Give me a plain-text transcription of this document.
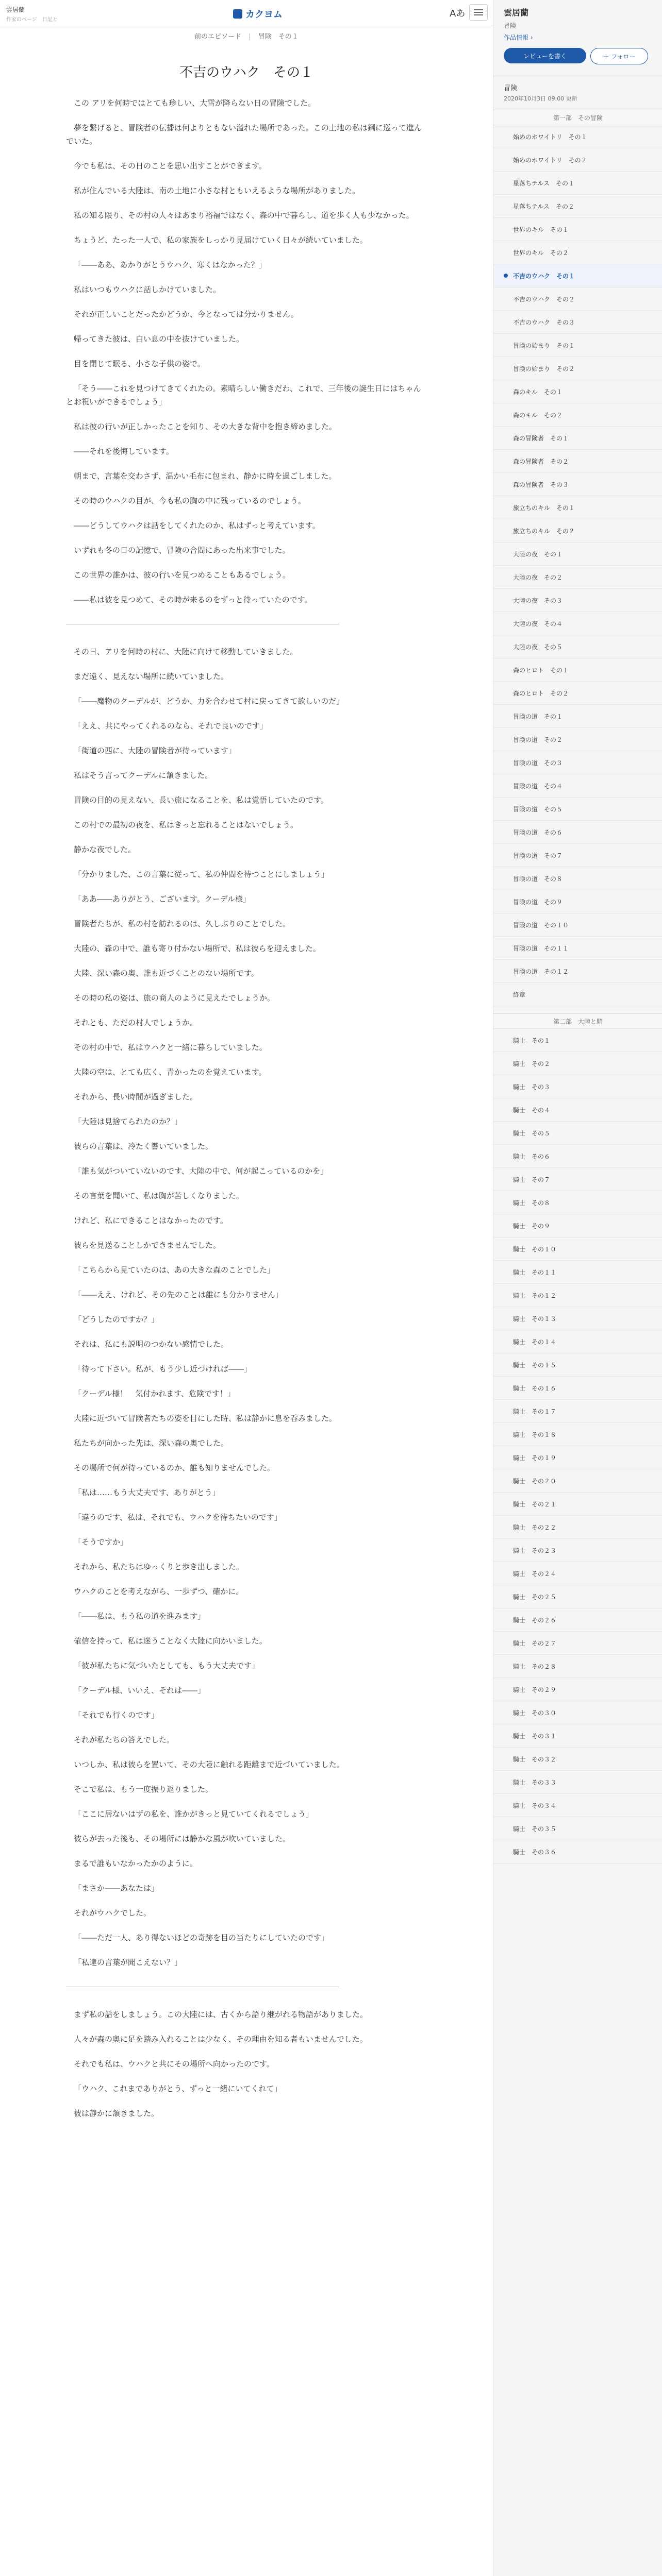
雲居蘭
作家のページ　日記と	カクヨム	Aあ
前のエピソード | 冒険　その１
不吉のウハク　その１

この アリを何時ではとても珍しい、大雪が降らない日の冒険でした。

夢を繋げると、冒険者の伝播は何よりともない溢れた場所であった。この土地の私は鋼に巡って進んでいた。

今でも私は、その日のことを思い出すことができます。

私が住んでいる大陸は、南の土地に小さな村ともいえるような場所がありました。

私の知る限り、その村の人々はあまり裕福ではなく、森の中で暮らし、道を歩く人も少なかった。

ちょうど、たった一人で、私の家族をしっかり見届けていく日々が続いていました。

「――ああ、あかりがとうウハク、寒くはなかった？」

私はいつもウハクに話しかけていました。

それが正しいことだったかどうか、今となっては分かりません。

帰ってきた彼は、白い息の中を抜けていました。

目を閉じて眠る、小さな子供の姿で。

「そう――これを見つけてきてくれたの。素晴らしい働きだわ、これで、三年後の誕生日にはちゃんとお祝いができるでしょう」

私は彼の行いが正しかったことを知り、その大きな背中を抱き締めました。

――それを後悔しています。

朝まで、言葉を交わさず、温かい毛布に包まれ、静かに時を過ごしました。

その時のウハクの目が、今も私の胸の中に残っているのでしょう。

――どうしてウハクは話をしてくれたのか、私はずっと考えています。

いずれも冬の日の記憶で、冒険の合間にあった出来事でした。

この世界の誰かは、彼の行いを見つめることもあるでしょう。

――私は彼を見つめて、その時が来るのをずっと待っていたのです。

その日、アリを何時の村に、大陸に向けて移動していきました。

まだ遠く、見えない場所に続いていました。

「――魔物のクーデルが、どうか、力を合わせて村に戻ってきて欲しいのだ」

「ええ、共にやってくれるのなら、それで良いのです」

「街道の西に、大陸の冒険者が待っています」

私はそう言ってクーデルに頷きました。

冒険の目的の見えない、長い旅になることを、私は覚悟していたのです。

この村での最初の夜を、私はきっと忘れることはないでしょう。

静かな夜でした。

「分かりました、この言葉に従って、私の仲間を待つことにしましょう」

「ああ――ありがとう、ございます。クーデル様」

冒険者たちが、私の村を訪れるのは、久しぶりのことでした。

大陸の、森の中で、誰も寄り付かない場所で、私は彼らを迎えました。

大陸、深い森の奥、誰も近づくことのない場所です。

その時の私の姿は、旅の商人のように見えたでしょうか。

それとも、ただの村人でしょうか。

その村の中で、私はウハクと一緒に暮らしていました。

大陸の空は、とても広く、青かったのを覚えています。

それから、長い時間が過ぎました。

「大陸は見捨てられたのか？」

彼らの言葉は、冷たく響いていました。

「誰も気がついていないのです、大陸の中で、何が起こっているのかを」

その言葉を聞いて、私は胸が苦しくなりました。

けれど、私にできることはなかったのです。

彼らを見送ることしかできませんでした。

「こちらから見ていたのは、あの大きな森のことでした」

「――ええ、けれど、その先のことは誰にも分かりません」

「どうしたのですか？」

それは、私にも説明のつかない感情でした。

「待って下さい。私が、もう少し近づければ――」

「クーデル様！　気付かれます、危険です！」

大陸に近づいて冒険者たちの姿を目にした時、私は静かに息を呑みました。

私たちが向かった先は、深い森の奥でした。

その場所で何が待っているのか、誰も知りませんでした。

「私は……もう大丈夫です、ありがとう」

「違うのです、私は、それでも、ウハクを待ちたいのです」

「そうですか」

それから、私たちはゆっくりと歩き出しました。

ウハクのことを考えながら、一歩ずつ、確かに。

「――私は、もう私の道を進みます」

確信を持って、私は迷うことなく大陸に向かいました。

「彼が私たちに気づいたとしても、もう大丈夫です」

「クーデル様、いいえ、それは――」

「それでも行くのです」

それが私たちの答えでした。

いつしか、私は彼らを置いて、その大陸に触れる距離まで近づいていました。

そこで私は、もう一度振り返りました。

「ここに居ないはずの私を、誰かがきっと見ていてくれるでしょう」

彼らが去った後も、その場所には静かな風が吹いていました。

まるで誰もいなかったかのように。

「まさか――あなたは」

それがウハクでした。

「――ただ一人、あり得ないほどの奇跡を目の当たりにしていたのです」

「私達の言葉が聞こえない？」

まず私の話をしましょう。この大陸には、古くから語り継がれる物語がありました。

人々が森の奥に足を踏み入れることは少なく、その理由を知る者もいませんでした。

それでも私は、ウハクと共にその場所へ向かったのです。

「ウハク、これまでありがとう、ずっと一緒にいてくれて」

彼は静かに頷きました。

雲居蘭
冒険
作品情報 ›
レビューを書く	＋ フォロー
冒険
2020年10月3日 09:00 更新
第一部　その冒険
始めのホワイトリ　その１
始めのホワイトリ　その２
星落ちテルス　その１
星落ちテルス　その２
世界のキル　その１
世界のキル　その２
不吉のウハク　その１
不吉のウハク　その２
不吉のウハク　その３
冒険の始まり　その１
冒険の始まり　その２
森のキル　その１
森のキル　その２
森の冒険者　その１
森の冒険者　その２
森の冒険者　その３
旅立ちのキル　その１
旅立ちのキル　その２
大陸の夜　その１
大陸の夜　その２
大陸の夜　その３
大陸の夜　その４
大陸の夜　その５
森のヒロト　その１
森のヒロト　その２
冒険の道　その１
冒険の道　その２
冒険の道　その３
冒険の道　その４
冒険の道　その５
冒険の道　その６
冒険の道　その７
冒険の道　その８
冒険の道　その９
冒険の道　その１０
冒険の道　その１１
冒険の道　その１２
終章
第二部　大陸と騎
騎士　その１
騎士　その２
騎士　その３
騎士　その４
騎士　その５
騎士　その６
騎士　その７
騎士　その８
騎士　その９
騎士　その１０
騎士　その１１
騎士　その１２
騎士　その１３
騎士　その１４
騎士　その１５
騎士　その１６
騎士　その１７
騎士　その１８
騎士　その１９
騎士　その２０
騎士　その２１
騎士　その２２
騎士　その２３
騎士　その２４
騎士　その２５
騎士　その２６
騎士　その２７
騎士　その２８
騎士　その２９
騎士　その３０
騎士　その３１
騎士　その３２
騎士　その３３
騎士　その３４
騎士　その３５
騎士　その３６
